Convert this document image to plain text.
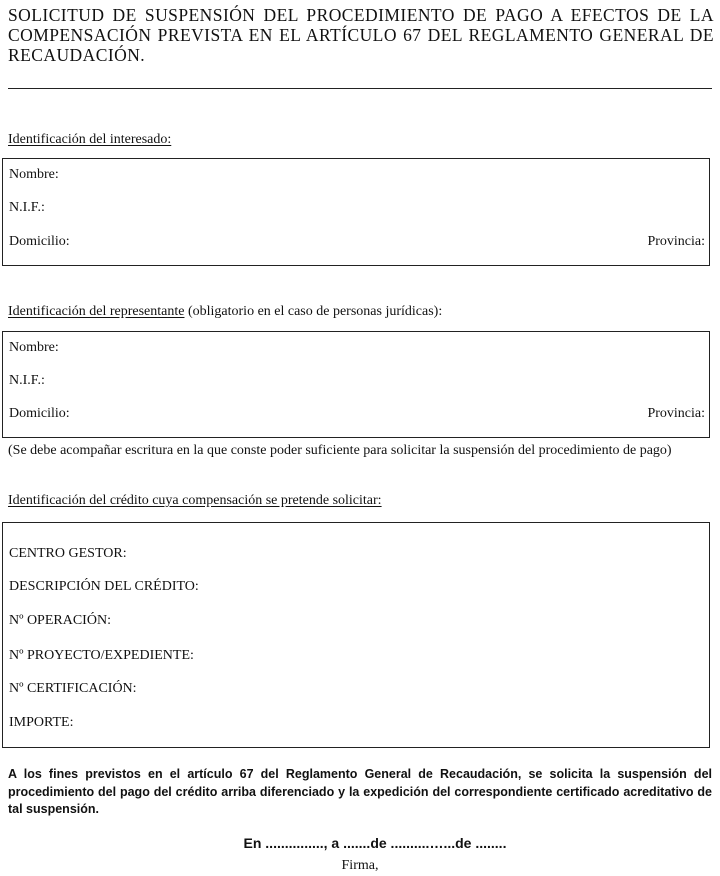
SOLICITUD DE SUSPENSIÓN DEL PROCEDIMIENTO DE PAGO A EFECTOS DE LA COMPENSACIÓN PREVISTA EN EL ARTÍCULO 67 DEL REGLAMENTO GENERAL DE RECAUDACIÓN.
Identificación del interesado:
Nombre:
N.I.F.:
Domicilio:	Provincia:
Identificación del representante (obligatorio en el caso de personas jurídicas):
Nombre:
N.I.F.:
Domicilio:	Provincia:
(Se debe acompañar escritura en la que conste poder suficiente para solicitar la suspensión del procedimiento de pago)
Identificación del crédito cuya compensación se pretende solicitar:
CENTRO GESTOR:
DESCRIPCIÓN DEL CRÉDITO:
Nº OPERACIÓN:
Nº PROYECTO/EXPEDIENTE:
Nº CERTIFICACIÓN:
IMPORTE:
A los fines previstos en el artículo 67 del Reglamento General de Recaudación, se solicita la suspensión del procedimiento del pago del crédito arriba diferenciado y la expedición del correspondiente certificado acreditativo de tal suspensión.
En ..............., a .......de ..........…...de ........
Firma,
